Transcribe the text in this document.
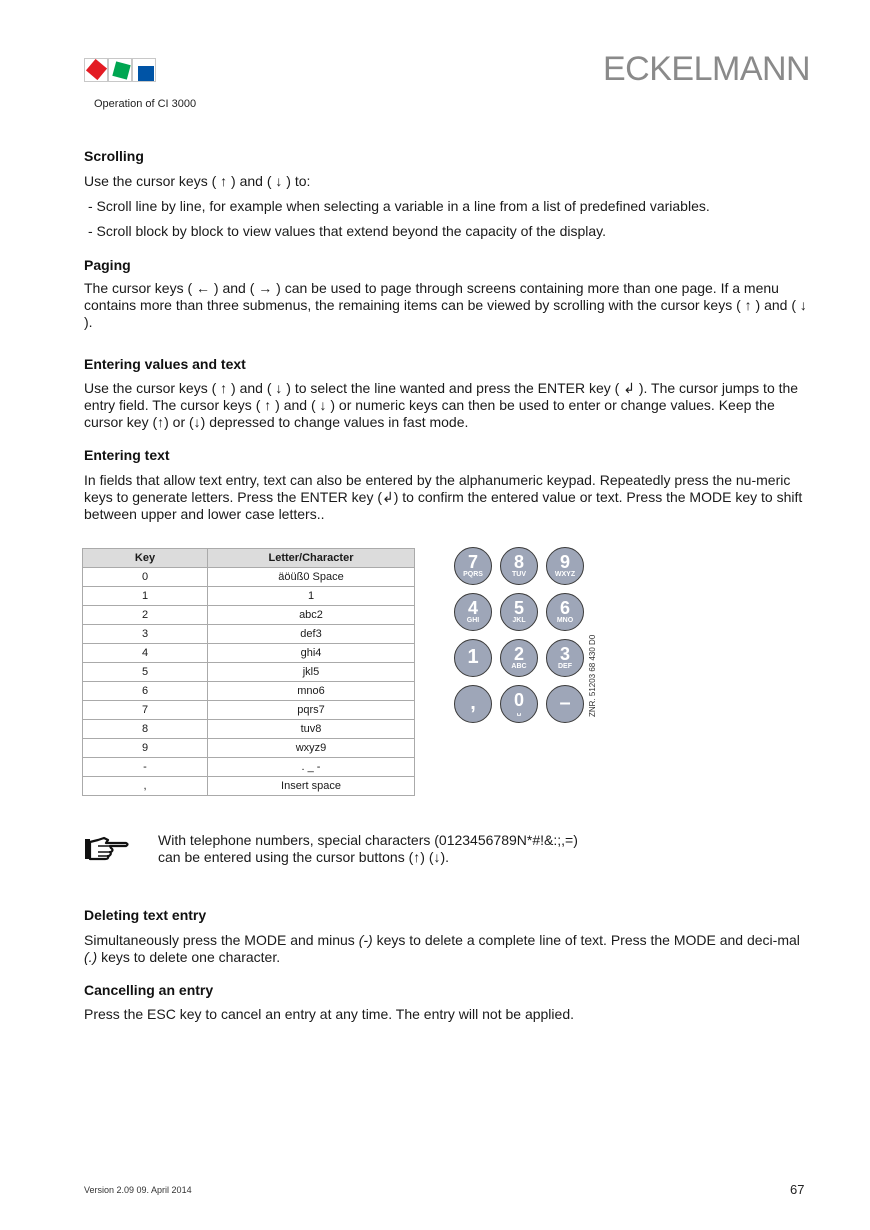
ECKELMANN
Operation of CI 3000
Scrolling

Use the cursor keys ( ↑ ) and ( ↓ ) to:

- Scroll line by line, for example when selecting a variable in a line from a list of predefined variables.

- Scroll block by block to view values that extend beyond the capacity of the display.

Paging

The cursor keys ( ← ) and ( → ) can be used to page through screens containing more than one page. If a menu contains more than three submenus, the remaining items can be viewed by scrolling with the cursor keys ( ↑ ) and ( ↓ ).

Entering values and text

Use the cursor keys ( ↑ ) and ( ↓ ) to select the line wanted and press the ENTER key ( ↲ ). The cursor jumps to the entry field. The cursor keys ( ↑ ) and ( ↓ ) or numeric keys can then be used to enter or change values. Keep the cursor key (↑) or (↓) depressed to change values in fast mode.

Entering text

In fields that allow text entry, text can also be entered by the alphanumeric keypad. Repeatedly press the nu-meric keys to generate letters. Press the ENTER key (↲) to confirm the entered value or text. Press the MODE key to shift between upper and lower case letters..

Key	Letter/Character
0	äöüß0 Space
1	1
2	abc2
3	def3
4	ghi4
5	jkl5
6	mno6
7	pqrs7
8	tuv8
9	wxyz9
-	. _ -
,	Insert space
7
PQRS
8
TUV
9
WXYZ
4
GHI
5
JKL
6
MNO
1	2
ABC
3
DEF
,	0
␣	–	ZNR. 51203 68 430 D0
With telephone numbers, special characters (0123456789N*#!&:;,=)
can be entered using the cursor buttons (↑) (↓).
Deleting text entry

Simultaneously press the MODE and minus (-) keys to delete a complete line of text. Press the MODE and deci-mal (.) keys to delete one character.

Cancelling an entry

Press the ESC key to cancel an entry at any time. The entry will not be applied.

Version 2.09 09. April 2014	67
